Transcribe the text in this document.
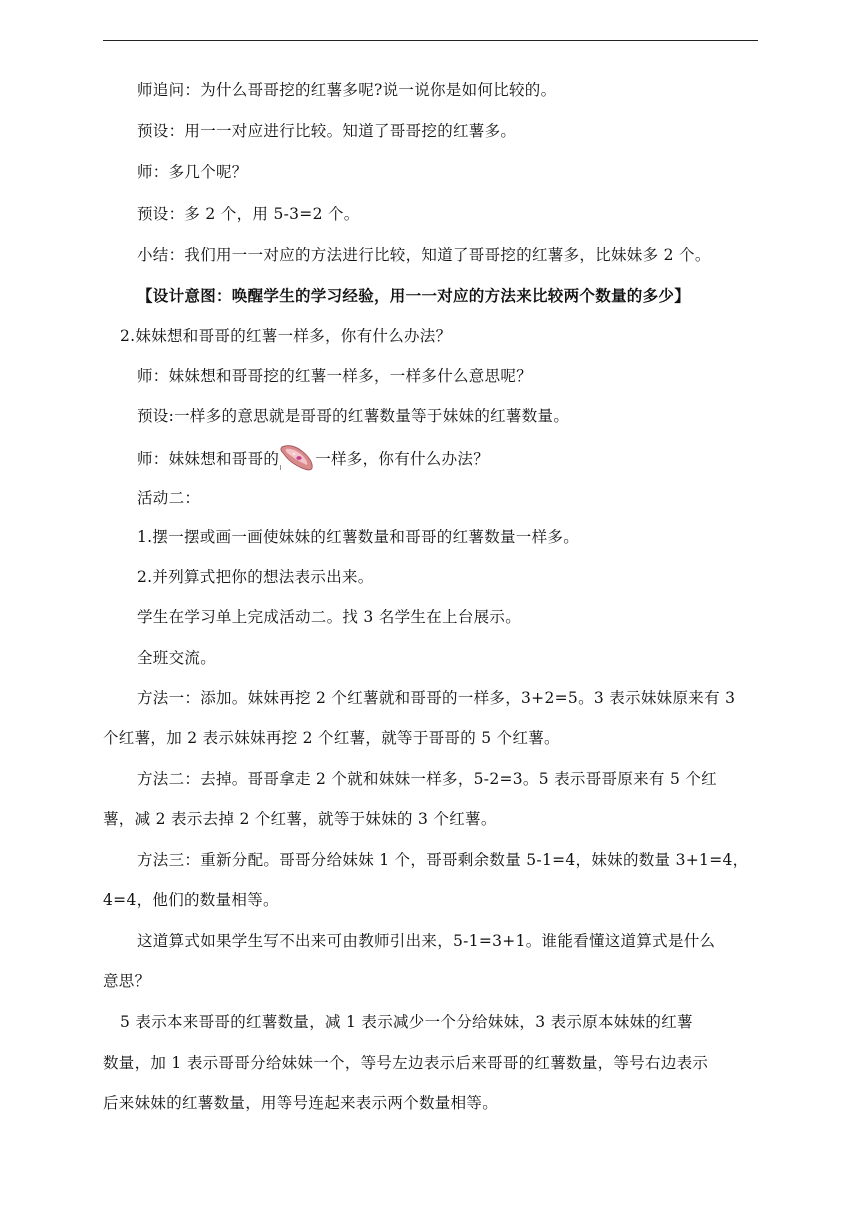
师追问：为什么哥哥挖的红薯多呢?说一说你是如何比较的。
预设：用一一对应进行比较。知道了哥哥挖的红薯多。
师：多几个呢？
预设：多 2 个，用 5-3=2 个。
小结：我们用一一对应的方法进行比较，知道了哥哥挖的红薯多，比妹妹多 2 个。
【设计意图：唤醒学生的学习经验，用一一对应的方法来比较两个数量的多少】
2.妹妹想和哥哥的红薯一样多，你有什么办法？
师：妹妹想和哥哥挖的红薯一样多，一样多什么意思呢？
预设:一样多的意思就是哥哥的红薯数量等于妹妹的红薯数量。
师：妹妹想和哥哥的 一样多，你有什么办法？
活动二：
1.摆一摆或画一画使妹妹的红薯数量和哥哥的红薯数量一样多。
2.并列算式把你的想法表示出来。
学生在学习单上完成活动二。找 3 名学生在上台展示。
全班交流。
方法一：添加。妹妹再挖 2 个红薯就和哥哥的一样多，3+2=5。3 表示妹妹原来有 3
个红薯，加 2 表示妹妹再挖 2 个红薯，就等于哥哥的 5 个红薯。
方法二：去掉。哥哥拿走 2 个就和妹妹一样多，5-2=3。5 表示哥哥原来有 5 个红
薯，减 2 表示去掉 2 个红薯，就等于妹妹的 3 个红薯。
方法三：重新分配。哥哥分给妹妹 1 个，哥哥剩余数量 5-1=4，妹妹的数量 3+1=4，
4=4，他们的数量相等。
这道算式如果学生写不出来可由教师引出来，5-1=3+1。谁能看懂这道算式是什么
意思？
5 表示本来哥哥的红薯数量，减 1 表示减少一个分给妹妹，3 表示原本妹妹的红薯
数量，加 1 表示哥哥分给妹妹一个，等号左边表示后来哥哥的红薯数量，等号右边表示
后来妹妹的红薯数量，用等号连起来表示两个数量相等。
